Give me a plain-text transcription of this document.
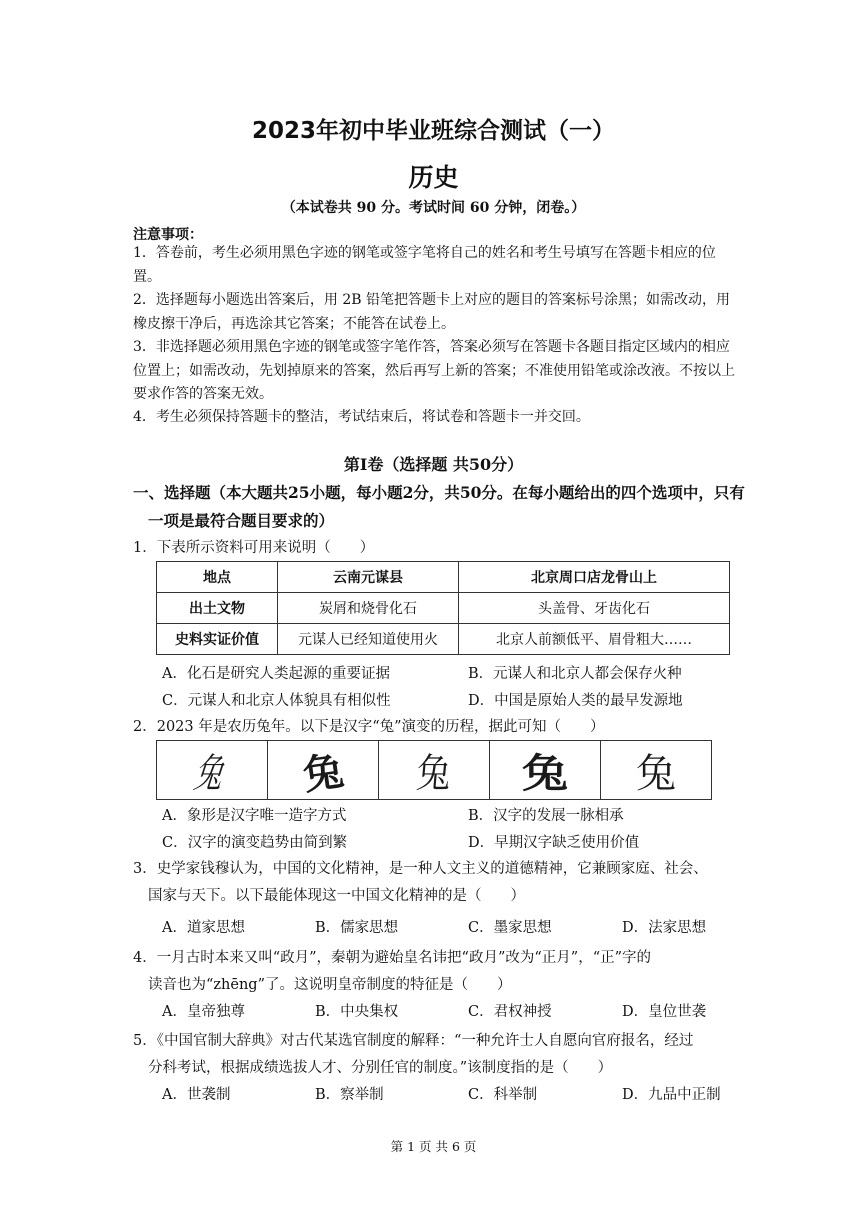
2023年初中毕业班综合测试（一）
历史
（本试卷共 90 分。考试时间 60 分钟，闭卷。）
注意事项：
1．答卷前，考生必须用黑色字迹的钢笔或签字笔将自己的姓名和考生号填写在答题卡相应的位置。
2．选择题每小题选出答案后，用 2B 铅笔把答题卡上对应的题目的答案标号涂黑；如需改动，用橡皮擦干净后，再选涂其它答案；不能答在试卷上。
3．非选择题必须用黑色字迹的钢笔或签字笔作答，答案必须写在答题卡各题目指定区域内的相应位置上；如需改动，先划掉原来的答案，然后再写上新的答案；不准使用铅笔或涂改液。不按以上要求作答的答案无效。
4．考生必须保持答题卡的整洁，考试结束后，将试卷和答题卡一并交回。
第Ⅰ卷（选择题 共50分）
一、选择题（本大题共25小题，每小题2分，共50分。在每小题给出的四个选项中，只有
一项是最符合题目要求的）
1．下表所示资料可用来说明（　　）
地点	云南元谋县	北京周口店龙骨山上
出土文物	炭屑和烧骨化石	头盖骨、牙齿化石
史料实证价值	元谋人已经知道使用火	北京人前额低平、眉骨粗大……
A．化石是研究人类起源的重要证据	B．元谋人和北京人都会保存火种
C．元谋人和北京人体貌具有相似性	D．中国是原始人类的最早发源地
2．2023 年是农历兔年。以下是汉字“兔”演变的历程，据此可知（　　）
兔 兔 兔 兔 兔
A．象形是汉字唯一造字方式	B．汉字的发展一脉相承
C．汉字的演变趋势由简到繁	D．早期汉字缺乏使用价值
3．史学家钱穆认为，中国的文化精神，是一种人文主义的道德精神，它兼顾家庭、社会、
国家与天下。以下最能体现这一中国文化精神的是（　　）
A．道家思想	B．儒家思想	C．墨家思想	D．法家思想
4．一月古时本来又叫“政月”，秦朝为避始皇名讳把“政月”改为“正月”，“正”字的
读音也为“zhēng”了。这说明皇帝制度的特征是（　　）
A．皇帝独尊	B．中央集权	C．君权神授	D．皇位世袭
5．《中国官制大辞典》对古代某选官制度的解释：“一种允许士人自愿向官府报名，经过
分科考试，根据成绩选拔人才、分别任官的制度。”该制度指的是（　　）
A．世袭制	B．察举制	C．科举制	D．九品中正制
第 1 页 共 6 页
